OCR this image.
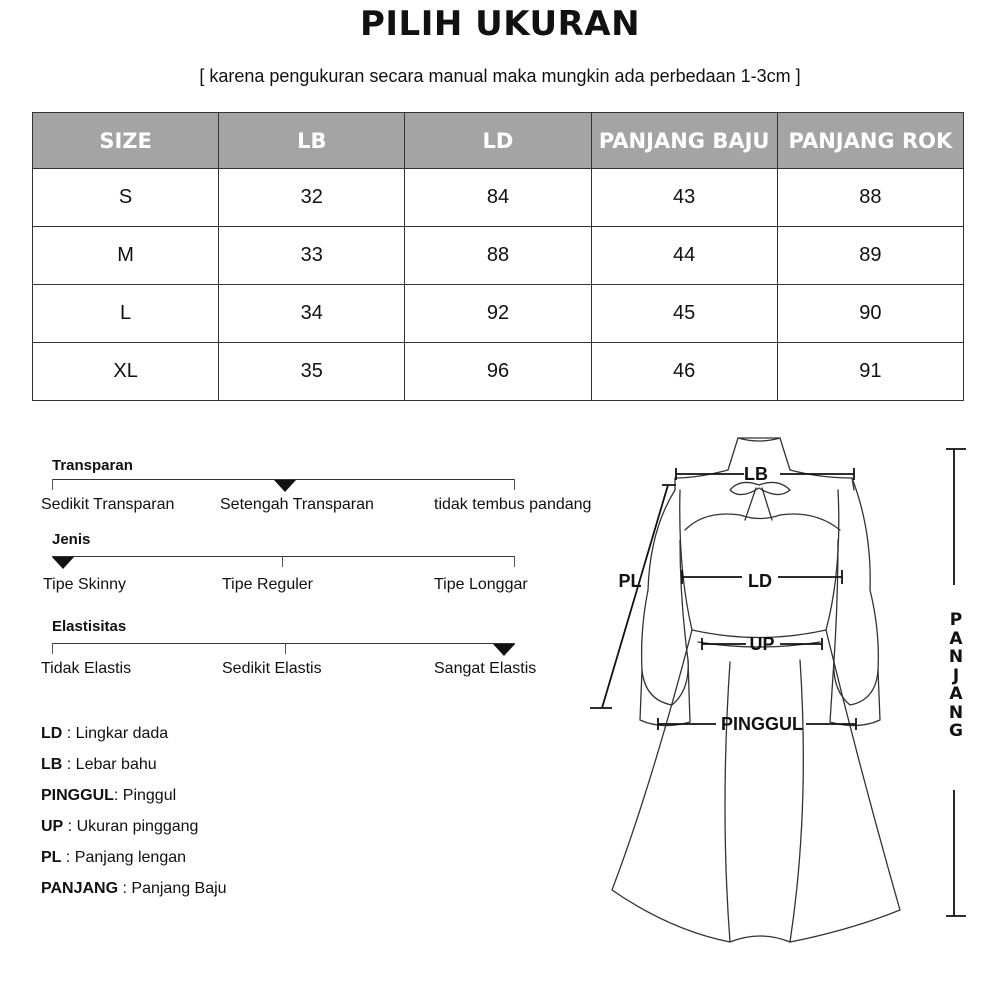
PILIH UKURAN
[ karena pengukuran secara manual maka mungkin ada perbedaan 1-3cm ]
SIZE	LB	LD	PANJANG BAJU	PANJANG ROK
S	32	84	43	88
M	33	88	44	89
L	34	92	45	90
XL	35	96	46	91
Transparan
Sedikit Transparan	Setengah Transparan	tidak tembus pandang
Jenis
Tipe Skinny	Tipe Reguler	Tipe Longgar
Elastisitas
Tidak Elastis	Sedikit Elastis	Sangat Elastis
LD : Lingkar dada
LB : Lebar bahu
PINGGUL: Pinggul
UP : Ukuran pinggang
PL : Panjang lengan
PANJANG : Panjang Baju
LB
LD
UP
PL
PINGGUL
P
A
N
J
A
N
G
